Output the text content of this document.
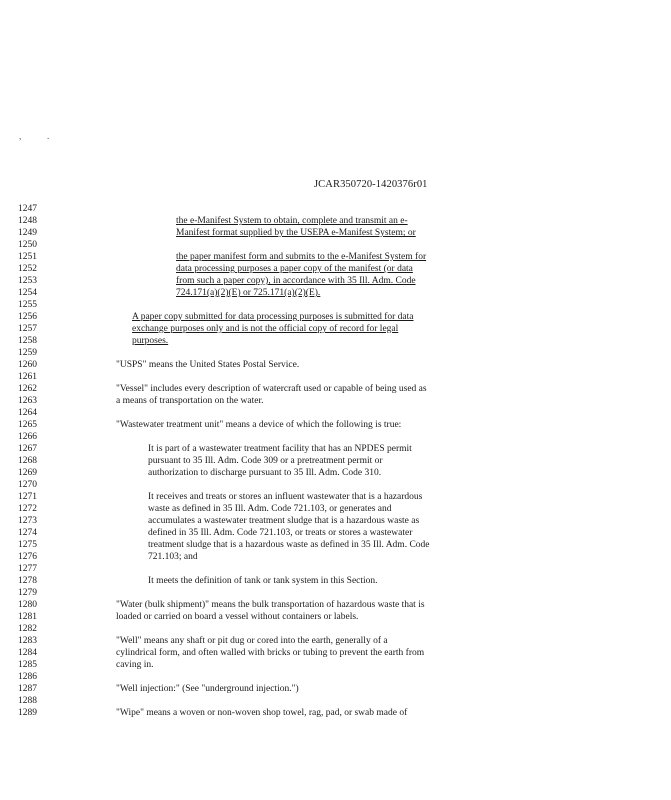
,	.
JCAR350720-1420376r01
1247
1248
1249
1250
1251
1252
1253
1254
1255
1256
1257
1258
1259
1260
1261
1262
1263
1264
1265
1266
1267
1268
1269
1270
1271
1272
1273
1274
1275
1276
1277
1278
1279
1280
1281
1282
1283
1284
1285
1286
1287
1288
1289
the e-Manifest System to obtain, complete and transmit an e-
Manifest format supplied by the USEPA e-Manifest System; or
the paper manifest form and submits to the e-Manifest System for
data processing purposes a paper copy of the manifest (or data
from such a paper copy), in accordance with 35 Ill. Adm. Code
724.171(a)(2)(E) or 725.171(a)(2)(E).
A paper copy submitted for data processing purposes is submitted for data
exchange purposes only and is not the official copy of record for legal
purposes.
"USPS" means the United States Postal Service.
"Vessel" includes every description of watercraft used or capable of being used as
a means of transportation on the water.
"Wastewater treatment unit" means a device of which the following is true:
It is part of a wastewater treatment facility that has an NPDES permit
pursuant to 35 Ill. Adm. Code 309 or a pretreatment permit or
authorization to discharge pursuant to 35 Ill. Adm. Code 310.
It receives and treats or stores an influent wastewater that is a hazardous
waste as defined in 35 Ill. Adm. Code 721.103, or generates and
accumulates a wastewater treatment sludge that is a hazardous waste as
defined in 35 Ill. Adm. Code 721.103, or treats or stores a wastewater
treatment sludge that is a hazardous waste as defined in 35 Ill. Adm. Code
721.103; and
It meets the definition of tank or tank system in this Section.
"Water (bulk shipment)" means the bulk transportation of hazardous waste that is
loaded or carried on board a vessel without containers or labels.
"Well" means any shaft or pit dug or cored into the earth, generally of a
cylindrical form, and often walled with bricks or tubing to prevent the earth from
caving in.
"Well injection:" (See "underground injection.")
"Wipe" means a woven or non-woven shop towel, rag, pad, or swab made of
